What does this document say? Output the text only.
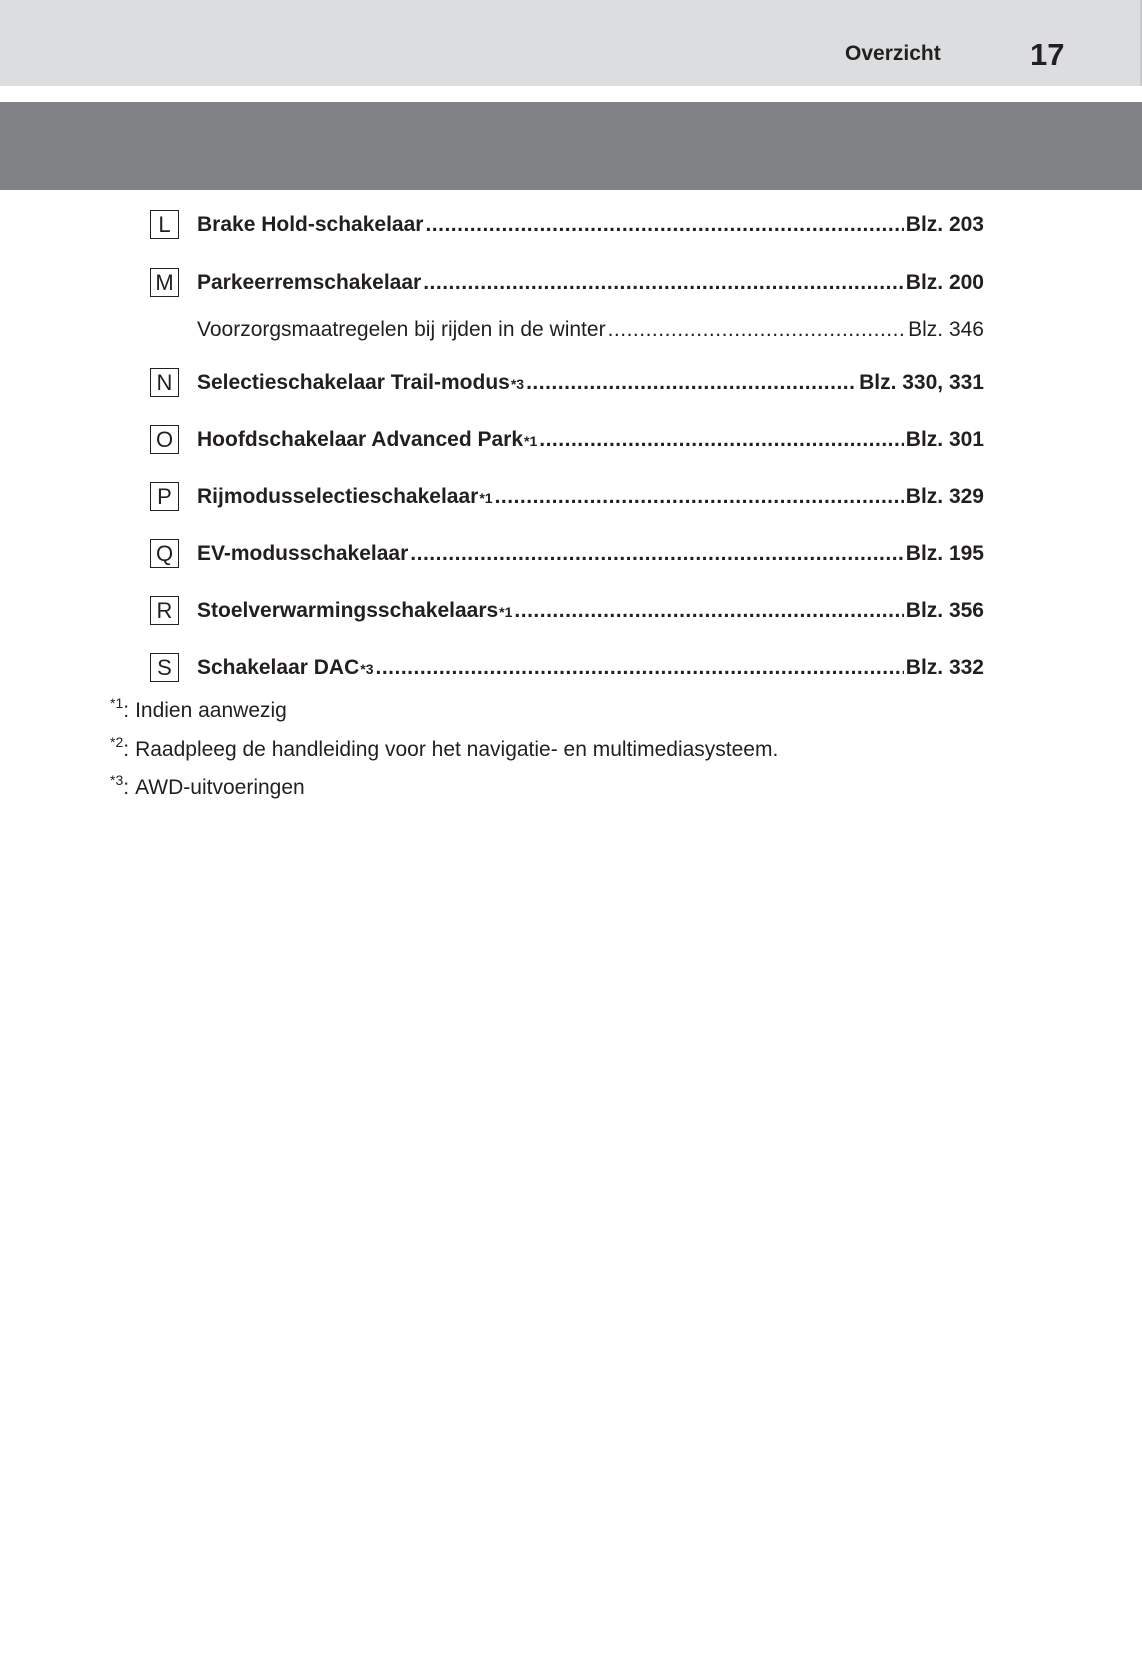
Overzicht	17
L	Brake Hold-schakelaar .....	Blz. 203
M Parkeerremschakelaar .....	Blz. 200
Voorzorgsmaatregelen bij rijden in de winter .....	Blz. 346
N	Selectieschakelaar Trail-modus *3 .....	Blz. 330, 331
O Hoofdschakelaar Advanced Park *1 .....	Blz. 301
P	Rijmodusselectieschakelaar *1 .....	Blz. 329
Q EV-modusschakelaar .....	Blz. 195
R	Stoelverwarmingsschakelaars *1 .....	Blz. 356
S	Schakelaar DAC *3 .....	Blz. 332
$^{*1}$: Indien aanwezig
$^{*2}$: Raadpleeg de handleiding voor het navigatie- en multimediasysteem.
$^{*3}$: AWD-uitvoeringen
